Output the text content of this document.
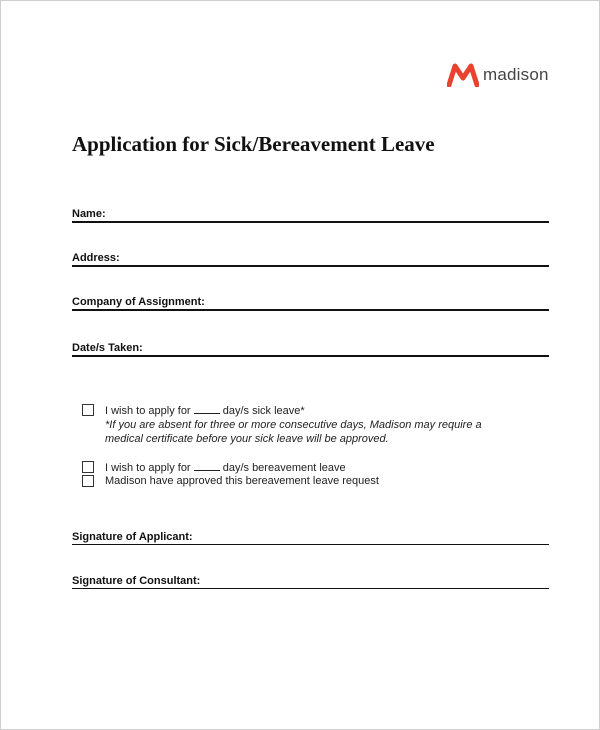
madison
Application for Sick/Bereavement Leave
Name:
Address:
Company of Assignment:
Date/s Taken:
I wish to apply for	day/s sick leave*
*If you are absent for three or more consecutive days, Madison may require a
medical certificate before your sick leave will be approved.
I wish to apply for	day/s bereavement leave
Madison have approved this bereavement leave request
Signature of Applicant:
Signature of Consultant:
